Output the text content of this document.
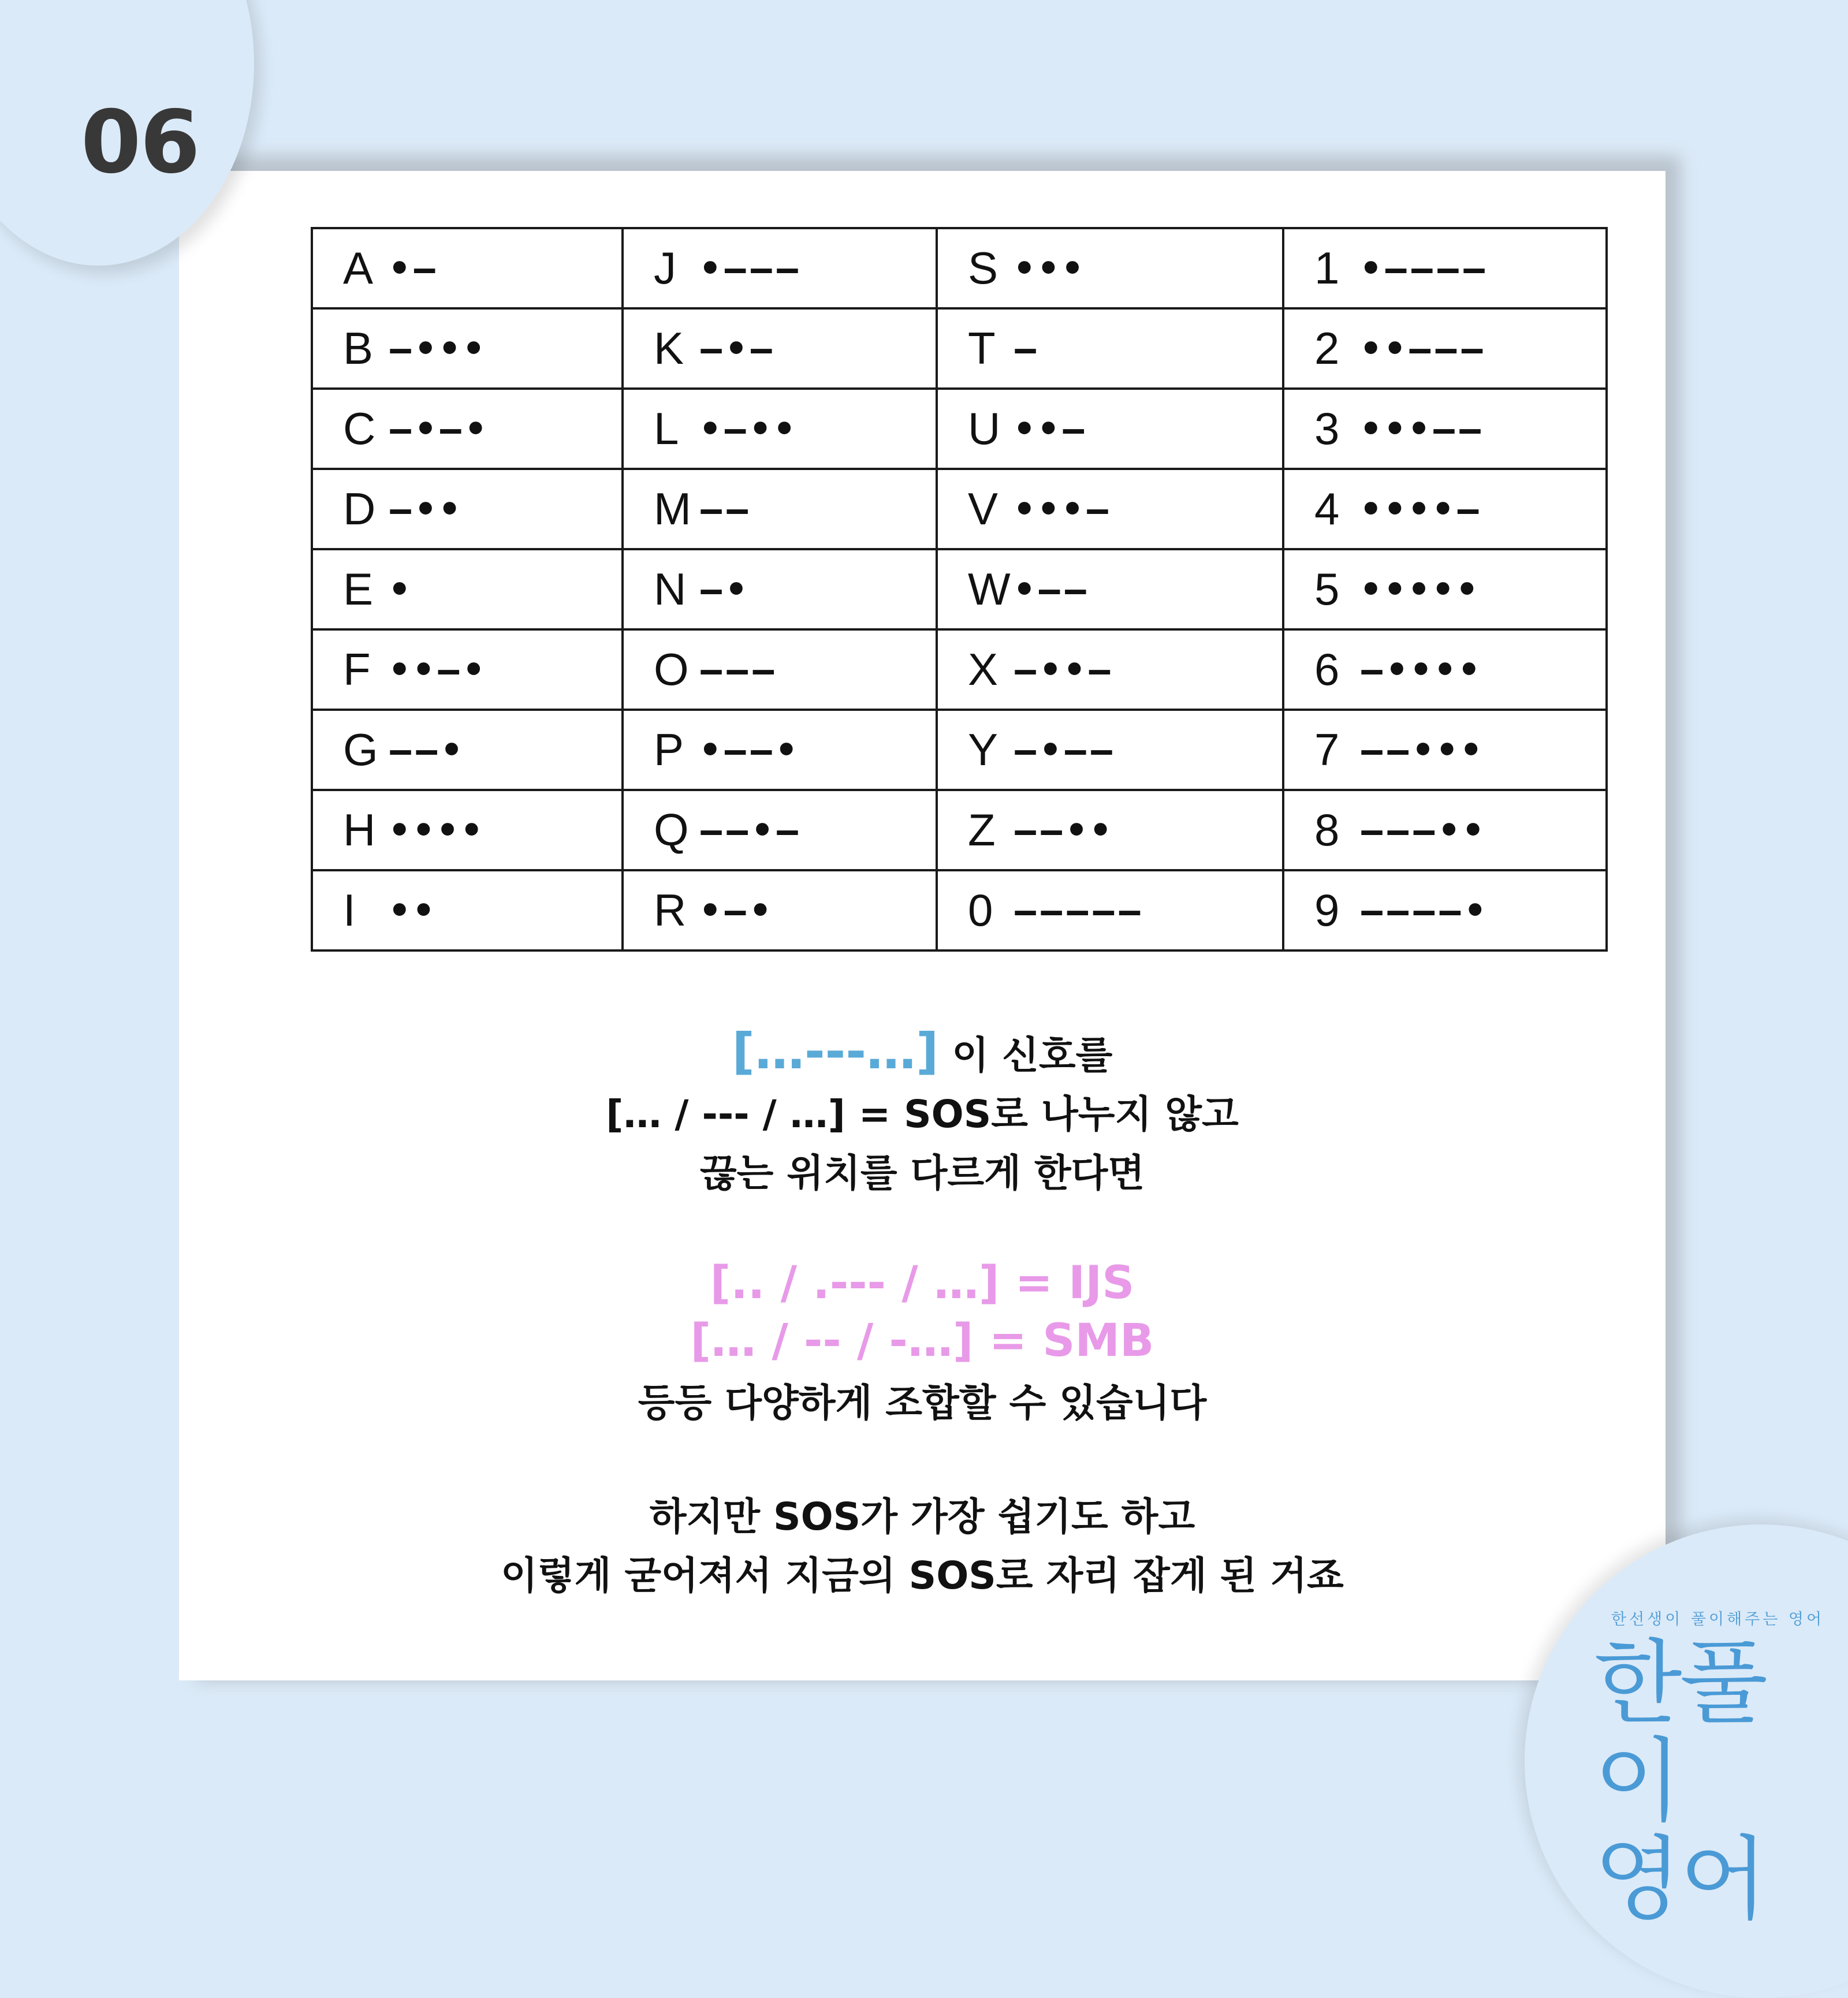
06
A •‒	J •‒‒‒	S •••	1 •‒‒‒‒
B ‒•••	K ‒•‒	T ‒	2 ••‒‒‒
C ‒•‒•	L •‒••	U ••‒	3 •••‒‒
D ‒••	M ‒‒	V •••‒	4 ••••‒
E •	N ‒•	W•‒‒	5 •••••
F ••‒•	O ‒‒‒	X ‒••‒	6 ‒••••
G ‒‒•	P •‒‒•	Y ‒•‒‒	7 ‒‒•••
H ••••	Q ‒‒•‒	Z ‒‒••	8 ‒‒‒••
I ••	R •‒•	0 ‒‒‒‒‒	9 ‒‒‒‒•
[…---…] 이 신호를
[… / --- / …] = SOS로 나누지 않고
끊는 위치를 다르게 한다면
[.. / .--- / …] = IJS
[… / -- / -…] = SMB
등등 다양하게 조합할 수 있습니다
하지만 SOS가 가장 쉽기도 하고
이렇게 굳어져서 지금의 SOS로 자리 잡게 된 거죠
한선생이 풀이해주는 영어
한풀이
영어
